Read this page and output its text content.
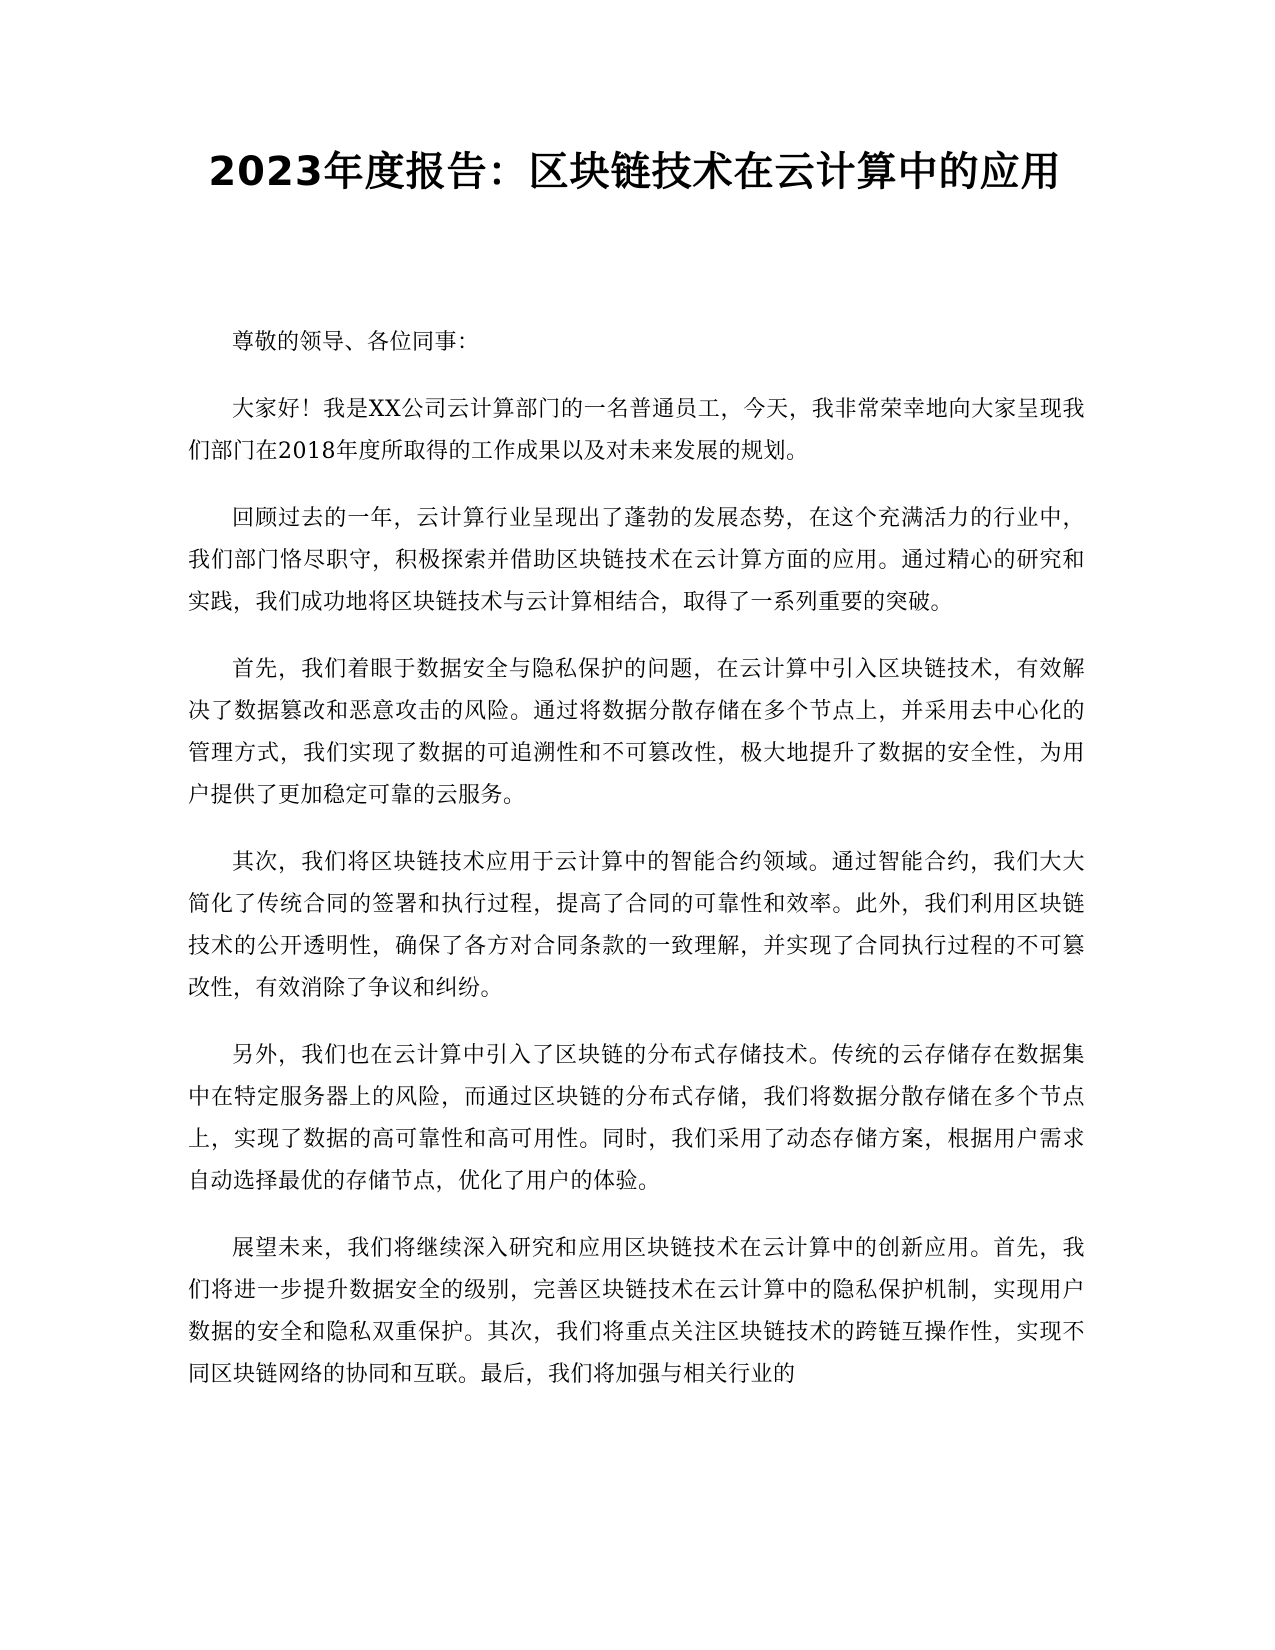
2023年度报告：区块链技术在云计算中的应用

尊敬的领导、各位同事：

大家好！我是XX公司云计算部门的一名普通员工，今天，我非常荣幸地向大家呈现我们部门在2018年度所取得的工作成果以及对未来发展的规划。

回顾过去的一年，云计算行业呈现出了蓬勃的发展态势，在这个充满活力的行业中，我们部门恪尽职守，积极探索并借助区块链技术在云计算方面的应用。通过精心的研究和实践，我们成功地将区块链技术与云计算相结合，取得了一系列重要的突破。

首先，我们着眼于数据安全与隐私保护的问题，在云计算中引入区块链技术，有效解决了数据篡改和恶意攻击的风险。通过将数据分散存储在多个节点上，并采用去中心化的管理方式，我们实现了数据的可追溯性和不可篡改性，极大地提升了数据的安全性，为用户提供了更加稳定可靠的云服务。

其次，我们将区块链技术应用于云计算中的智能合约领域。通过智能合约，我们大大简化了传统合同的签署和执行过程，提高了合同的可靠性和效率。此外，我们利用区块链技术的公开透明性，确保了各方对合同条款的一致理解，并实现了合同执行过程的不可篡改性，有效消除了争议和纠纷。

另外，我们也在云计算中引入了区块链的分布式存储技术。传统的云存储存在数据集中在特定服务器上的风险，而通过区块链的分布式存储，我们将数据分散存储在多个节点上，实现了数据的高可靠性和高可用性。同时，我们采用了动态存储方案，根据用户需求自动选择最优的存储节点，优化了用户的体验。

展望未来，我们将继续深入研究和应用区块链技术在云计算中的创新应用。首先，我们将进一步提升数据安全的级别，完善区块链技术在云计算中的隐私保护机制，实现用户数据的安全和隐私双重保护。其次，我们将重点关注区块链技术的跨链互操作性，实现不同区块链网络的协同和互联。最后，我们将加强与相关行业的
